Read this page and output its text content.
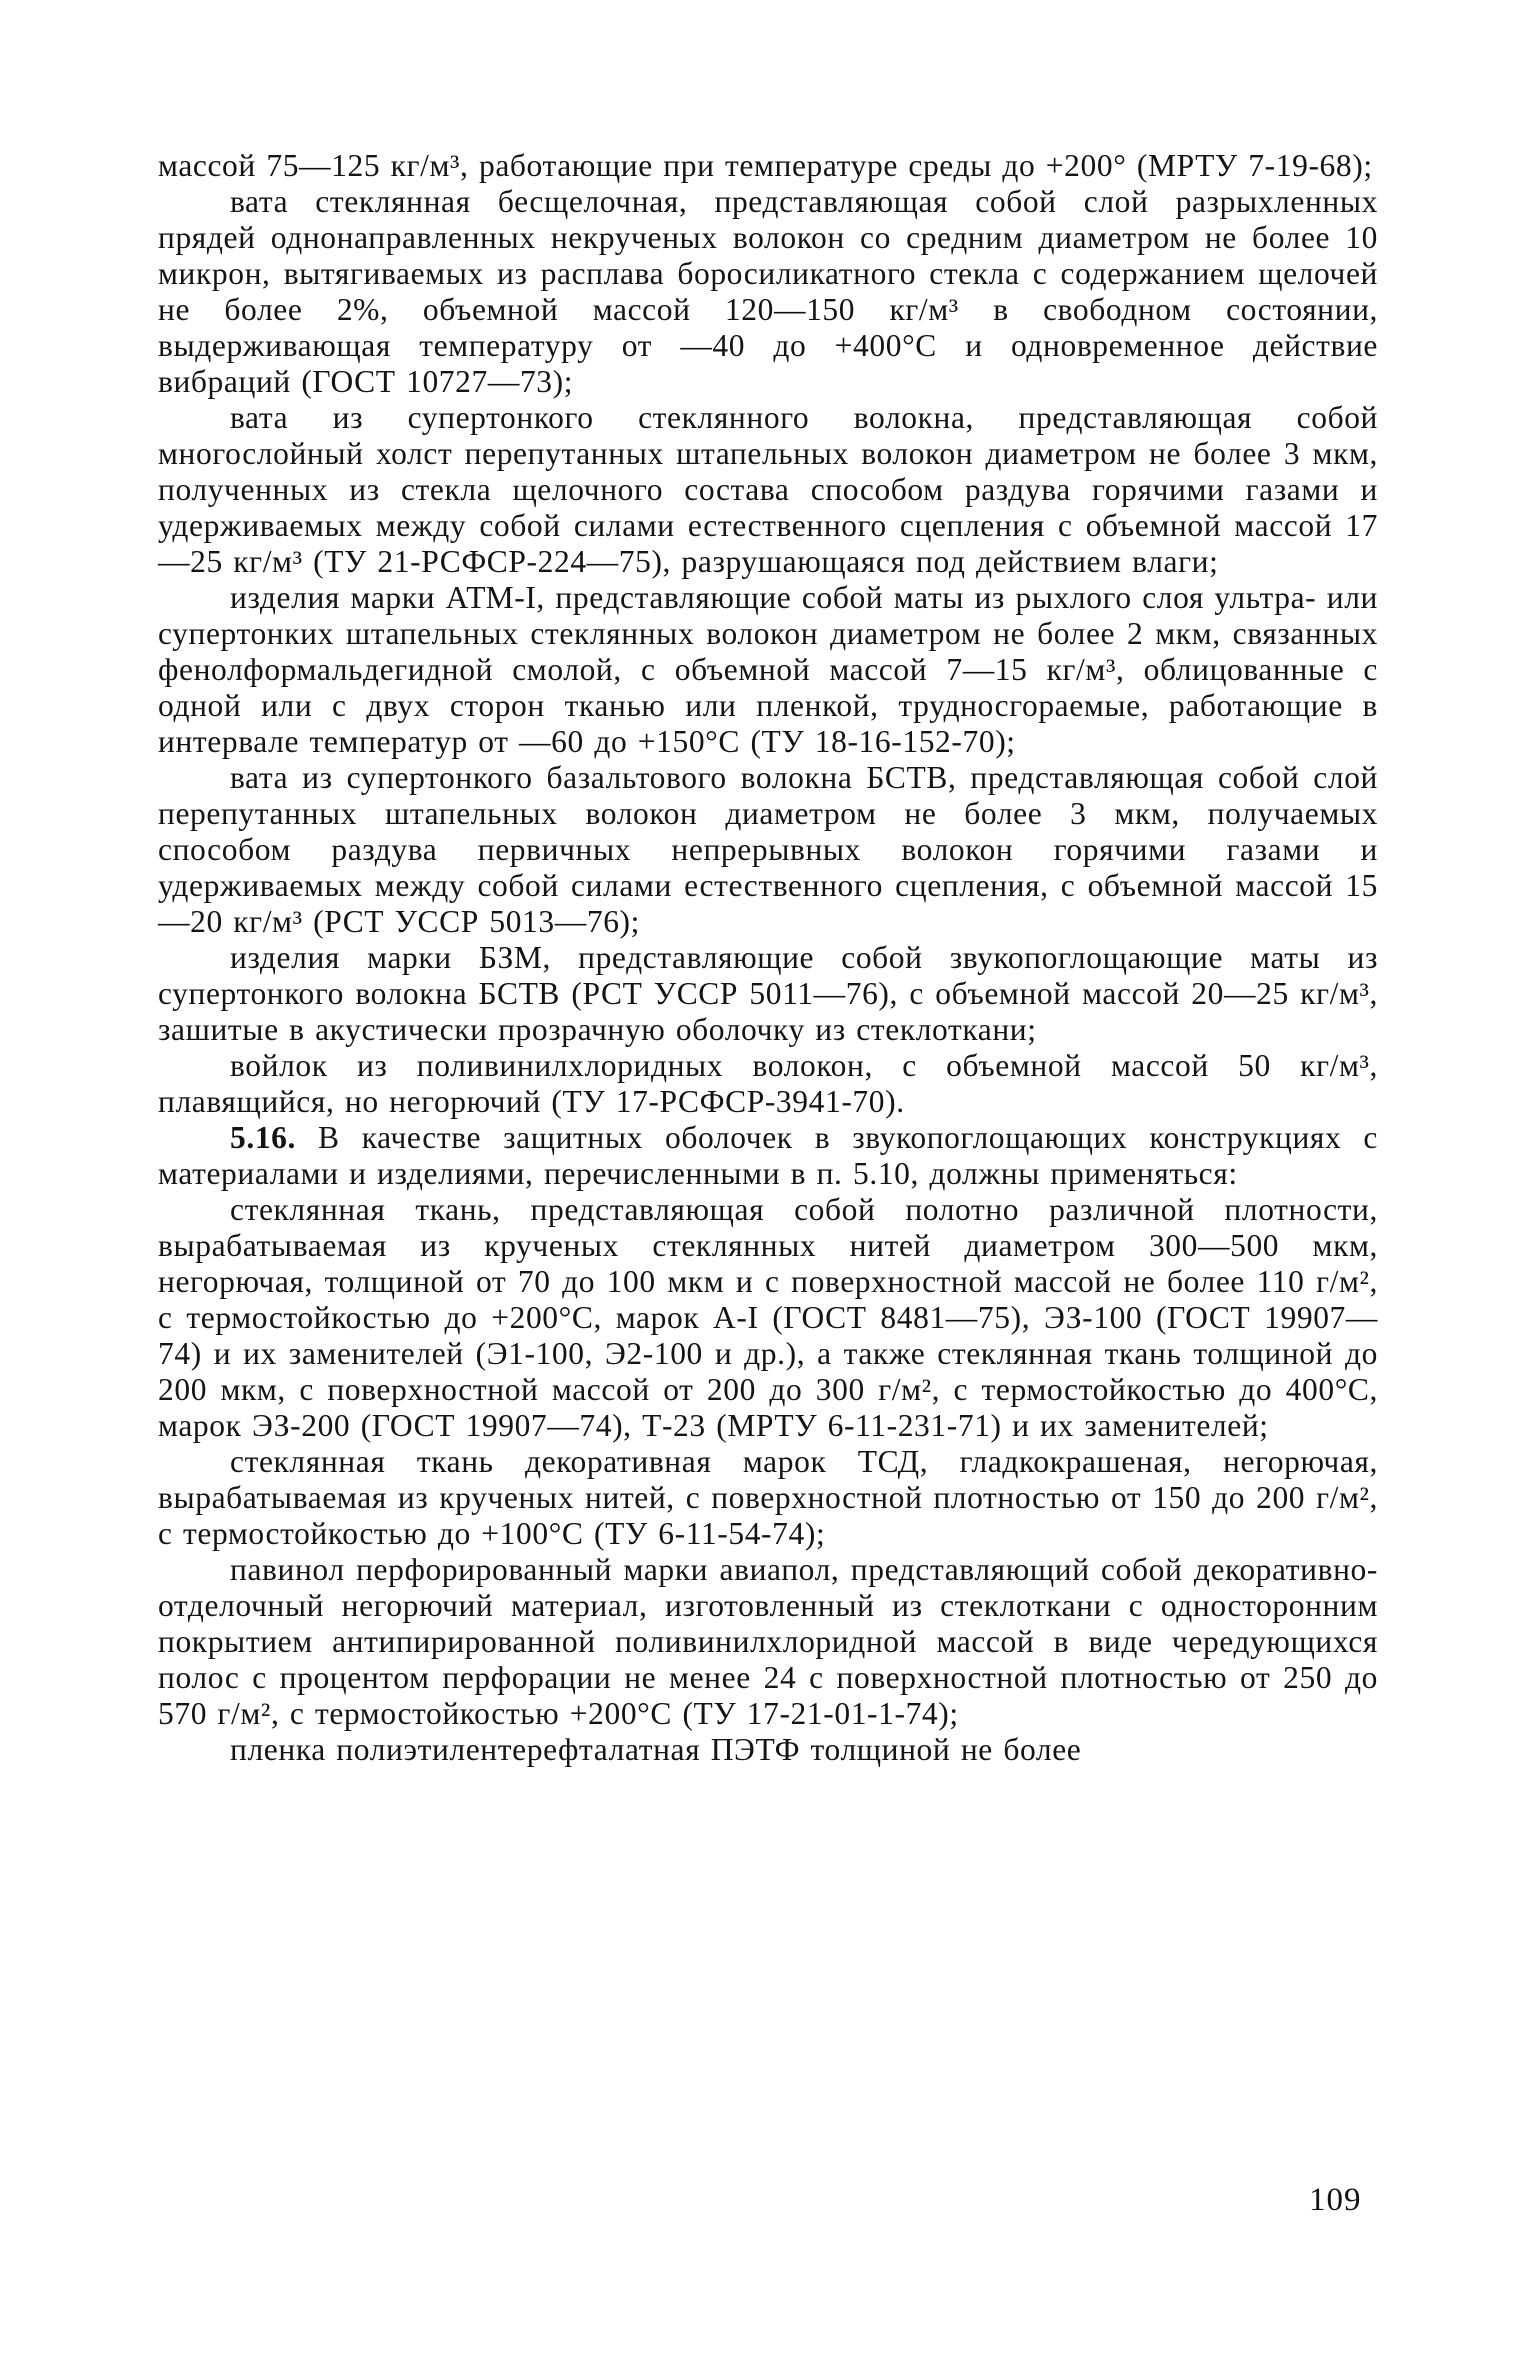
массой 75—125 кг/м³, работающие при температуре среды до +200° (МРТУ 7-19-68);

вата стеклянная бесщелочная, представляющая собой слой разрыхленных прядей однонаправленных некрученых волокон со средним диаметром не более 10 микрон, вытягиваемых из расплава боросиликатного стекла с содержанием щелочей не более 2%, объемной массой 120—150 кг/м³ в свободном состоянии, выдерживающая температуру от —40 до +400°С и одновременное действие вибраций (ГОСТ 10727—73);

вата из супертонкого стеклянного волокна, представляющая собой многослойный холст перепутанных штапельных волокон диаметром не более 3 мкм, полученных из стекла щелочного состава способом раздува горячими газами и удерживаемых между собой силами естественного сцепления с объемной массой 17—25 кг/м³ (ТУ 21-РСФСР-224—75), разрушающаяся под действием влаги;

изделия марки АТМ-I, представляющие собой маты из рыхлого слоя ультра- или супертонких штапельных стеклянных волокон диаметром не более 2 мкм, связанных фенолформальдегидной смолой, с объемной массой 7—15 кг/м³, облицованные с одной или с двух сторон тканью или пленкой, трудносгораемые, работающие в интервале температур от —60 до +150°С (ТУ 18-16-152-70);

вата из супертонкого базальтового волокна БСТВ, представляющая собой слой перепутанных штапельных волокон диаметром не более 3 мкм, получаемых способом раздува первичных непрерывных волокон горячими газами и удерживаемых между собой силами естественного сцепления, с объемной массой 15—20 кг/м³ (РСТ УССР 5013—76);

изделия марки БЗМ, представляющие собой звукопоглощающие маты из супертонкого волокна БСТВ (РСТ УССР 5011—76), с объемной массой 20—25 кг/м³, зашитые в акустически прозрачную оболочку из стеклоткани;

войлок из поливинилхлоридных волокон, с объемной массой 50 кг/м³, плавящийся, но негорючий (ТУ 17-РСФСР-3941-70).

5.16. В качестве защитных оболочек в звукопоглощающих конструкциях с материалами и изделиями, перечисленными в п. 5.10, должны применяться:

стеклянная ткань, представляющая собой полотно различной плотности, вырабатываемая из крученых стеклянных нитей диаметром 300—500 мкм, негорючая, толщиной от 70 до 100 мкм и с поверхностной массой не более 110 г/м², с термостойкостью до +200°С, марок А-I (ГОСТ 8481—75), ЭЗ-100 (ГОСТ 19907—74) и их заменителей (Э1-100, Э2-100 и др.), а также стеклянная ткань толщиной до 200 мкм, с поверхностной массой от 200 до 300 г/м², с термостойкостью до 400°С, марок ЭЗ-200 (ГОСТ 19907—74), Т-23 (МРТУ 6-11-231-71) и их заменителей;

стеклянная ткань декоративная марок ТСД, гладкокрашеная, негорючая, вырабатываемая из крученых нитей, с поверхностной плотностью от 150 до 200 г/м², с термостойкостью до +100°С (ТУ 6-11-54-74);

павинол перфорированный марки авиапол, представляющий собой декоративно-отделочный негорючий материал, изготовленный из стеклоткани с односторонним покрытием антипирированной поливинилхлоридной массой в виде чередующихся полос с процентом перфорации не менее 24 с поверхностной плотностью от 250 до 570 г/м², с термостойкостью +200°С (ТУ 17-21-01-1-74);

пленка полиэтилентерефталатная ПЭТФ толщиной не более

109
